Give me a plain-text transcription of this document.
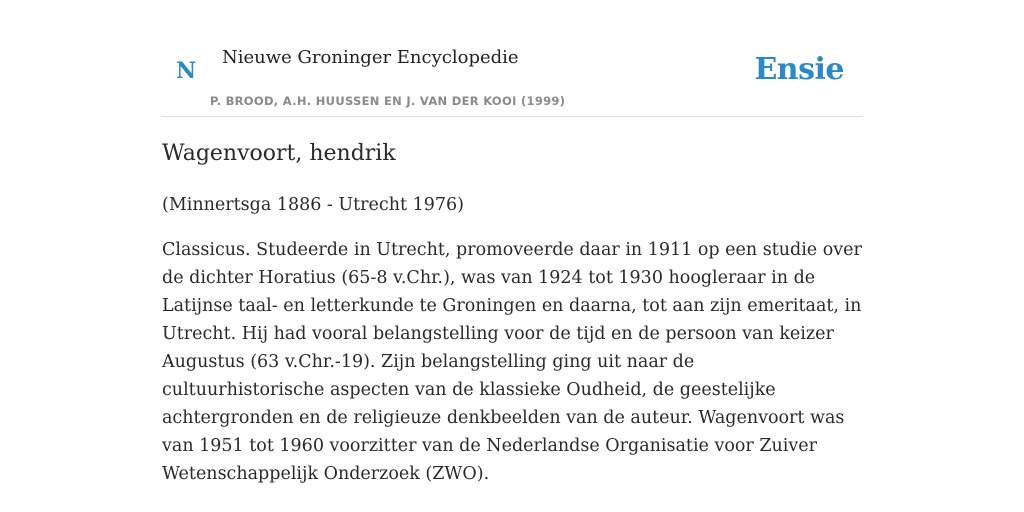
N
Nieuwe Groninger Encyclopedie
P. BROOD, A.H. HUUSSEN EN J. VAN DER KOOI (1999)
Ensie
Wagenvoort, hendrik

(Minnertsga 1886 - Utrecht 1976)

Classicus. Studeerde in Utrecht, promoveerde daar in 1911 op een studie over de dichter Horatius (65-8 v.Chr.), was van 1924 tot 1930 hoogleraar in de Latijnse taal- en letterkunde te Groningen en daarna, tot aan zijn emeritaat, in Utrecht. Hij had vooral belangstelling voor de tijd en de persoon van keizer Augustus (63 v.Chr.-19). Zijn belangstelling ging uit naar de cultuurhistorische aspecten van de klassieke Oudheid, de geestelijke achtergronden en de religieuze denkbeelden van de auteur. Wagenvoort was van 1951 tot 1960 voorzitter van de Nederlandse Organisatie voor Zuiver Wetenschappelijk Onderzoek (ZWO).
